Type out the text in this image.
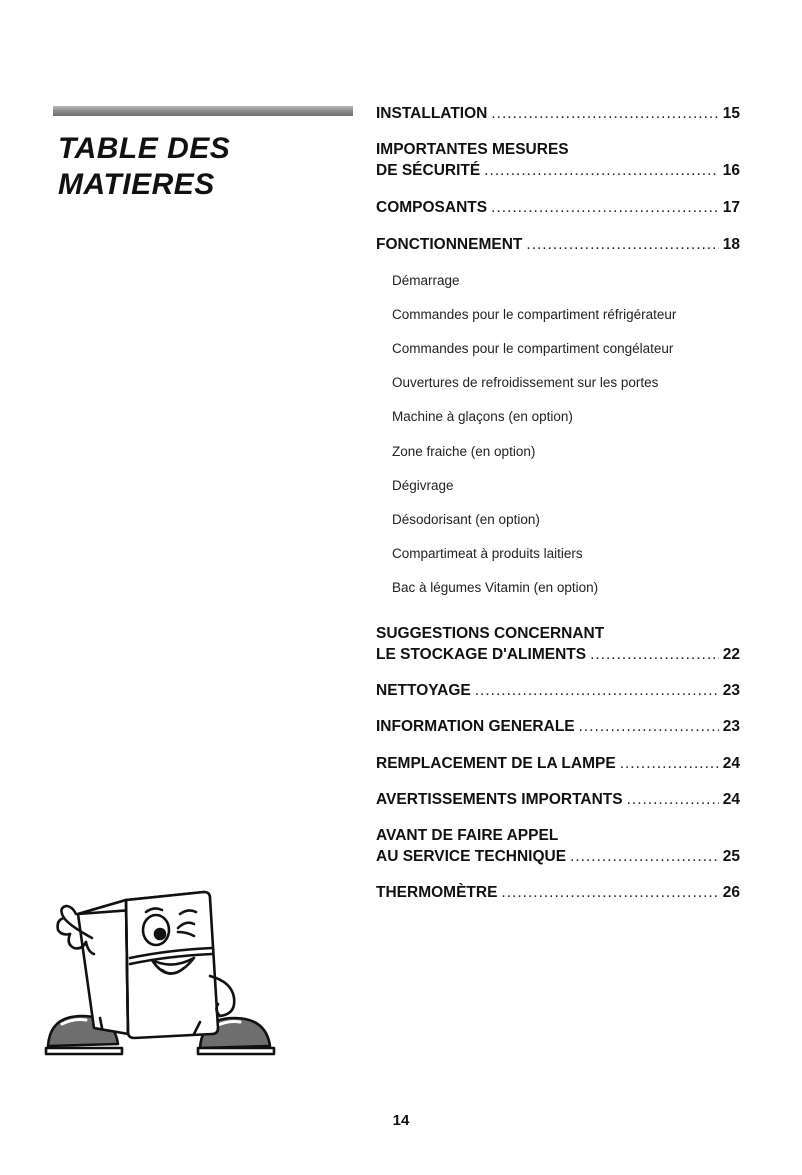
TABLE DES
MATIERES
INSTALLATION .....	15
IMPORTANTES MESURES
DE SÉCURITÉ .....	16
COMPOSANTS .....	17
FONCTIONNEMENT .....	18
Démarrage
Commandes pour le compartiment réfrigérateur
Commandes pour le compartiment congélateur
Ouvertures de refroidissement sur les portes
Machine à glaçons (en option)
Zone fraiche (en option)
Dégivrage
Désodorisant (en option)
Compartimeat à produits laitiers
Bac à légumes Vitamin (en option)
SUGGESTIONS CONCERNANT
LE STOCKAGE D'ALIMENTS .....	22
NETTOYAGE .....	23
INFORMATION GENERALE .....	23
REMPLACEMENT DE LA LAMPE .....	24
AVERTISSEMENTS IMPORTANTS .....	24
AVANT DE FAIRE APPEL
AU SERVICE TECHNIQUE .....	25
THERMOMÈTRE .....	26
14
